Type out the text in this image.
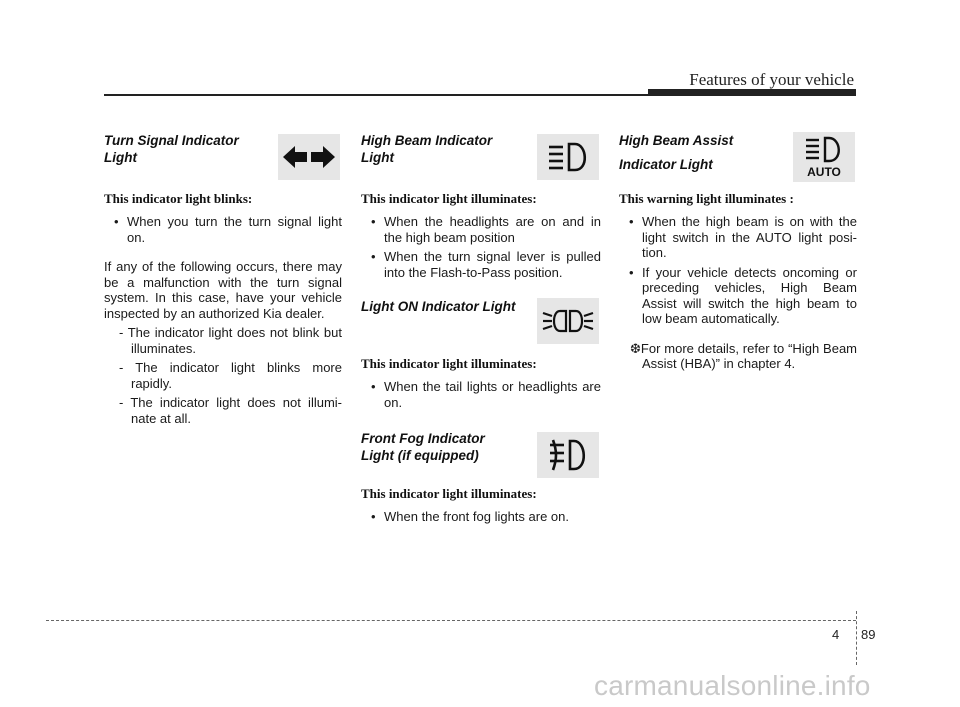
Features of your vehicle
Turn Signal Indicator
Light

This indicator light blinks:

• When you turn the turn signal light on.

If any of the following occurs, there may be a malfunction with the turn signal system. In this case, have your vehicle inspected by an authorized Kia dealer.

- The indicator light does not blink but illuminates.
- The indicator light blinks more rapidly.
- The indicator light does not illumi-nate at all.
High Beam Indicator
Light

This indicator light illuminates:

• When the headlights are on and in the high beam position
• When the turn signal lever is pulled into the Flash-to-Pass position.
Light ON Indicator Light

This indicator light illuminates:

• When the tail lights or headlights are on.
Front Fog Indicator
Light (if equipped)

This indicator light illuminates:

• When the front fog lights are on.
High Beam Assist
Indicator Light	AUTO

This warning light illuminates :

• When the high beam is on with the light switch in the AUTO light posi-tion.
• If your vehicle detects oncoming or preceding vehicles, High Beam Assist will switch the high beam to low beam automatically.
❆For more details, refer to “High Beam Assist (HBA)” in chapter 4.
4 89
carmanualsonline.info
